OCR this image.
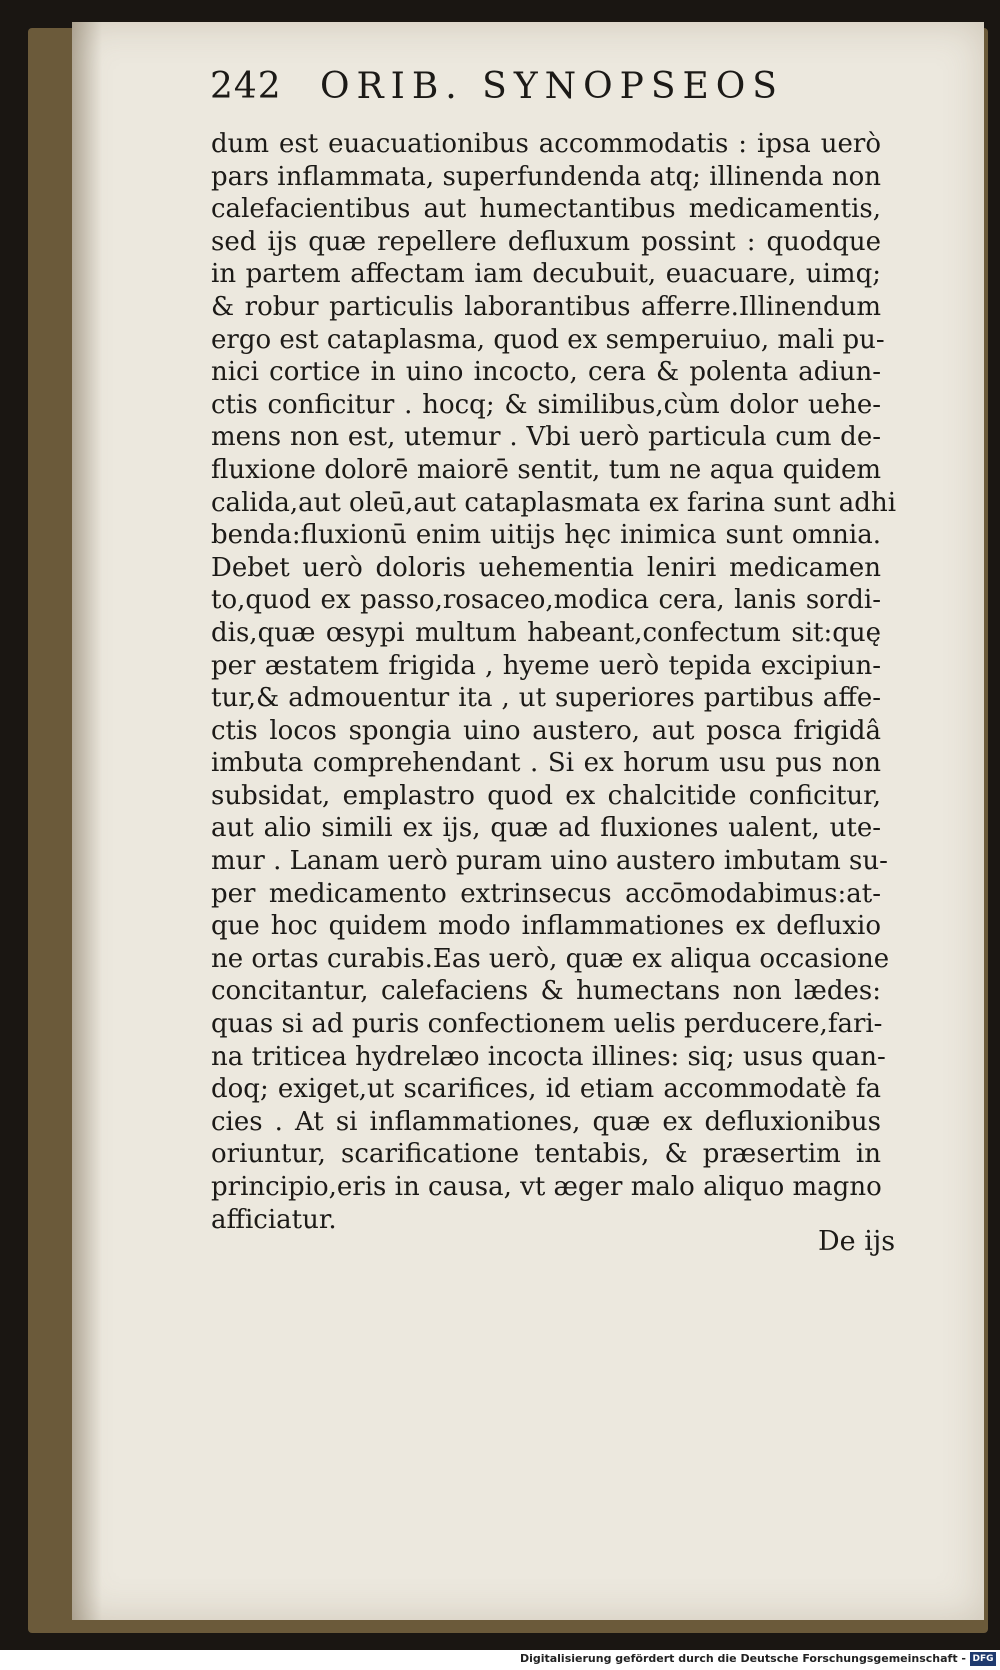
242 ORIB. SYNOPSEOS
dum est euacuationibus accommodatis : ipsa uerò
pars inflammata, superfundenda atq; illinenda non
calefacientibus aut humectantibus medicamentis,
sed ijs quæ repellere defluxum possint : quodque
in partem affectam iam decubuit, euacuare, uimq;
& robur particulis laborantibus afferre.Illinendum
ergo est cataplasma, quod ex semperuiuo, mali pu-
nici cortice in uino incocto, cera & polenta adiun-
ctis conficitur . hocq; & similibus,cùm dolor uehe-
mens non est, utemur . Vbi uerò particula cum de-
fluxione dolorē maiorē sentit, tum ne aqua quidem
calida,aut oleū,aut cataplasmata ex farina sunt adhi
benda:fluxionū enim uitijs hęc inimica sunt omnia.
Debet uerò doloris uehementia leniri medicamen
to,quod ex passo,rosaceo,modica cera, lanis sordi-
dis,quæ œsypi multum habeant,confectum sit:quę
per æstatem frigida , hyeme uerò tepida excipiun-
tur,& admouentur ita , ut superiores partibus affe-
ctis locos spongia uino austero, aut posca frigidâ
imbuta comprehendant . Si ex horum usu pus non
subsidat, emplastro quod ex chalcitide conficitur,
aut alio simili ex ijs, quæ ad fluxiones ualent, ute-
mur . Lanam uerò puram uino austero imbutam su-
per medicamento extrinsecus accōmodabimus:at-
que hoc quidem modo inflammationes ex defluxio
ne ortas curabis.Eas uerò, quæ ex aliqua occasione
concitantur, calefaciens & humectans non lædes:
quas si ad puris confectionem uelis perducere,fari-
na triticea hydrelæo incocta illines: siq; usus quan-
doq; exiget,ut scarifices, id etiam accommodatè fa
cies . At si inflammationes, quæ ex defluxionibus
oriuntur, scarificatione tentabis, & præsertim in
principio,eris in causa, vt æger malo aliquo magno
afficiatur.
De ijs
Digitalisierung gefördert durch die Deutsche Forschungsgemeinschaft - DFG
